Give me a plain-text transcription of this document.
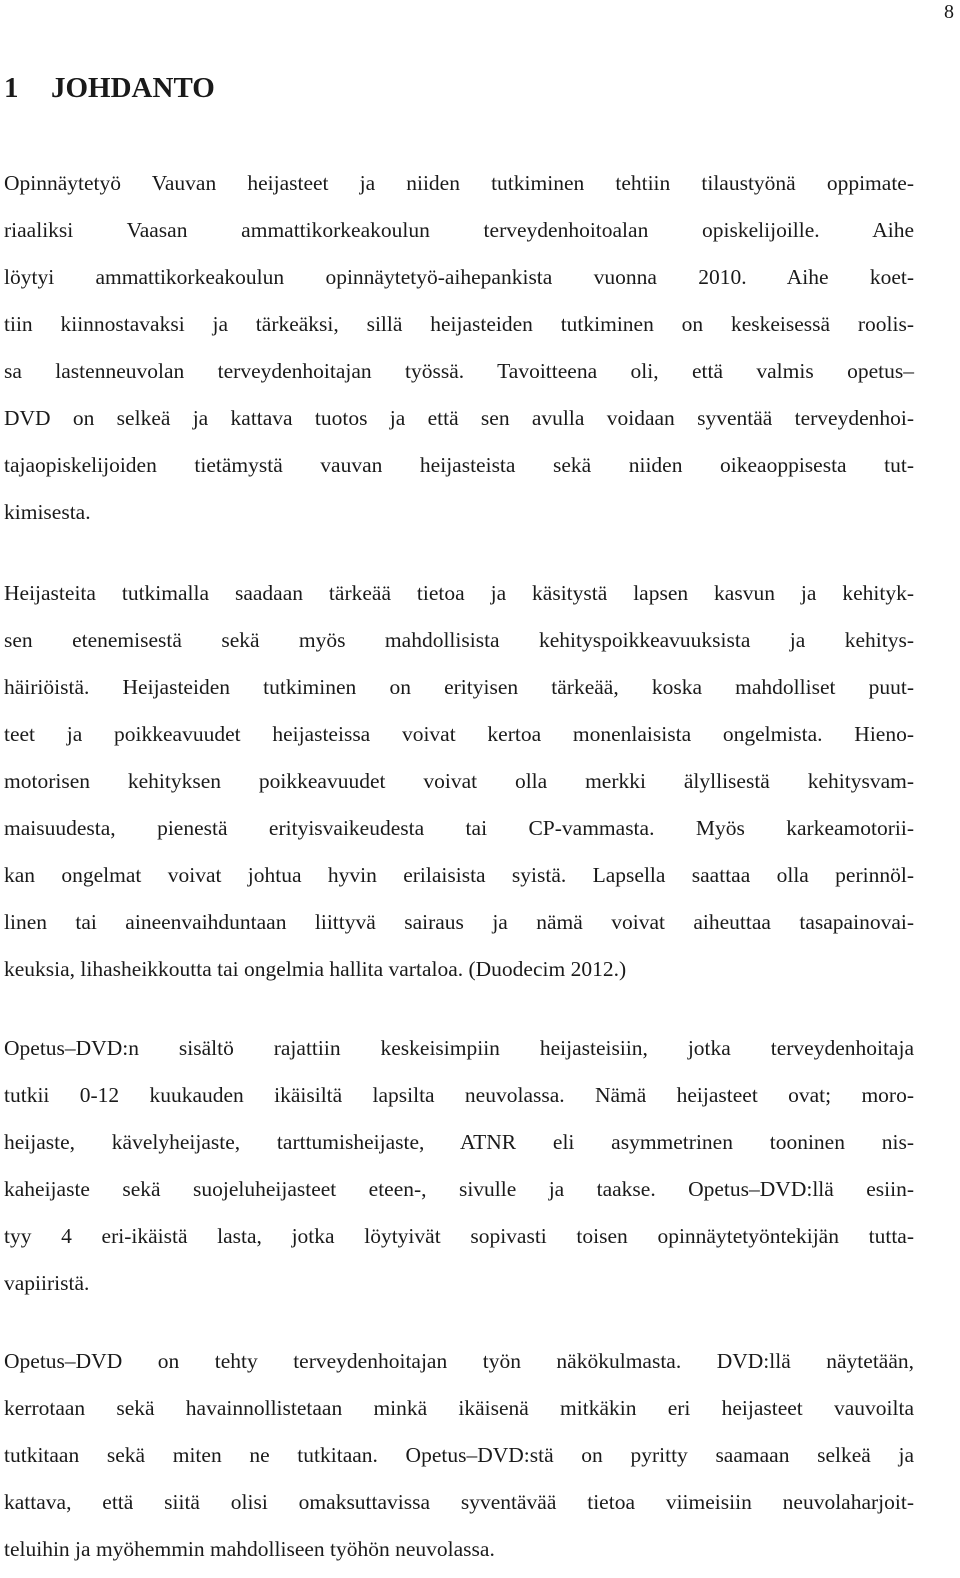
8
1 JOHDANTO
Opinnäytetyö Vauvan heijasteet ja niiden tutkiminen tehtiin tilaustyönä oppimate-
riaaliksi Vaasan ammattikorkeakoulun terveydenhoitoalan opiskelijoille. Aihe
löytyi ammattikorkeakoulun opinnäytetyö-aihepankista vuonna 2010. Aihe koet-
tiin kiinnostavaksi ja tärkeäksi, sillä heijasteiden tutkiminen on keskeisessä roolis-
sa lastenneuvolan terveydenhoitajan työssä. Tavoitteena oli, että valmis opetus–
DVD on selkeä ja kattava tuotos ja että sen avulla voidaan syventää terveydenhoi-
tajaopiskelijoiden tietämystä vauvan heijasteista sekä niiden oikeaoppisesta tut-
kimisesta.
Heijasteita tutkimalla saadaan tärkeää tietoa ja käsitystä lapsen kasvun ja kehityk-
sen etenemisestä sekä myös mahdollisista kehityspoikkeavuuksista ja kehitys-
häiriöistä. Heijasteiden tutkiminen on erityisen tärkeää, koska mahdolliset puut-
teet ja poikkeavuudet heijasteissa voivat kertoa monenlaisista ongelmista. Hieno-
motorisen kehityksen poikkeavuudet voivat olla merkki älyllisestä kehitysvam-
maisuudesta, pienestä erityisvaikeudesta tai CP-vammasta. Myös karkeamotorii-
kan ongelmat voivat johtua hyvin erilaisista syistä. Lapsella saattaa olla perinnöl-
linen tai aineenvaihduntaan liittyvä sairaus ja nämä voivat aiheuttaa tasapainovai-
keuksia, lihasheikkoutta tai ongelmia hallita vartaloa. (Duodecim 2012.)
Opetus–DVD:n sisältö rajattiin keskeisimpiin heijasteisiin, jotka terveydenhoitaja
tutkii 0-12 kuukauden ikäisiltä lapsilta neuvolassa. Nämä heijasteet ovat; moro-
heijaste, kävelyheijaste, tarttumisheijaste, ATNR eli asymmetrinen tooninen nis-
kaheijaste sekä suojeluheijasteet eteen-, sivulle ja taakse. Opetus–DVD:llä esiin-
tyy 4 eri-ikäistä lasta, jotka löytyivät sopivasti toisen opinnäytetyöntekijän tutta-
vapiiristä.
Opetus–DVD on tehty terveydenhoitajan työn näkökulmasta. DVD:llä näytetään,
kerrotaan sekä havainnollistetaan minkä ikäisenä mitkäkin eri heijasteet vauvoilta
tutkitaan sekä miten ne tutkitaan. Opetus–DVD:stä on pyritty saamaan selkeä ja
kattava, että siitä olisi omaksuttavissa syventävää tietoa viimeisiin neuvolaharjoit-
teluihin ja myöhemmin mahdolliseen työhön neuvolassa.
